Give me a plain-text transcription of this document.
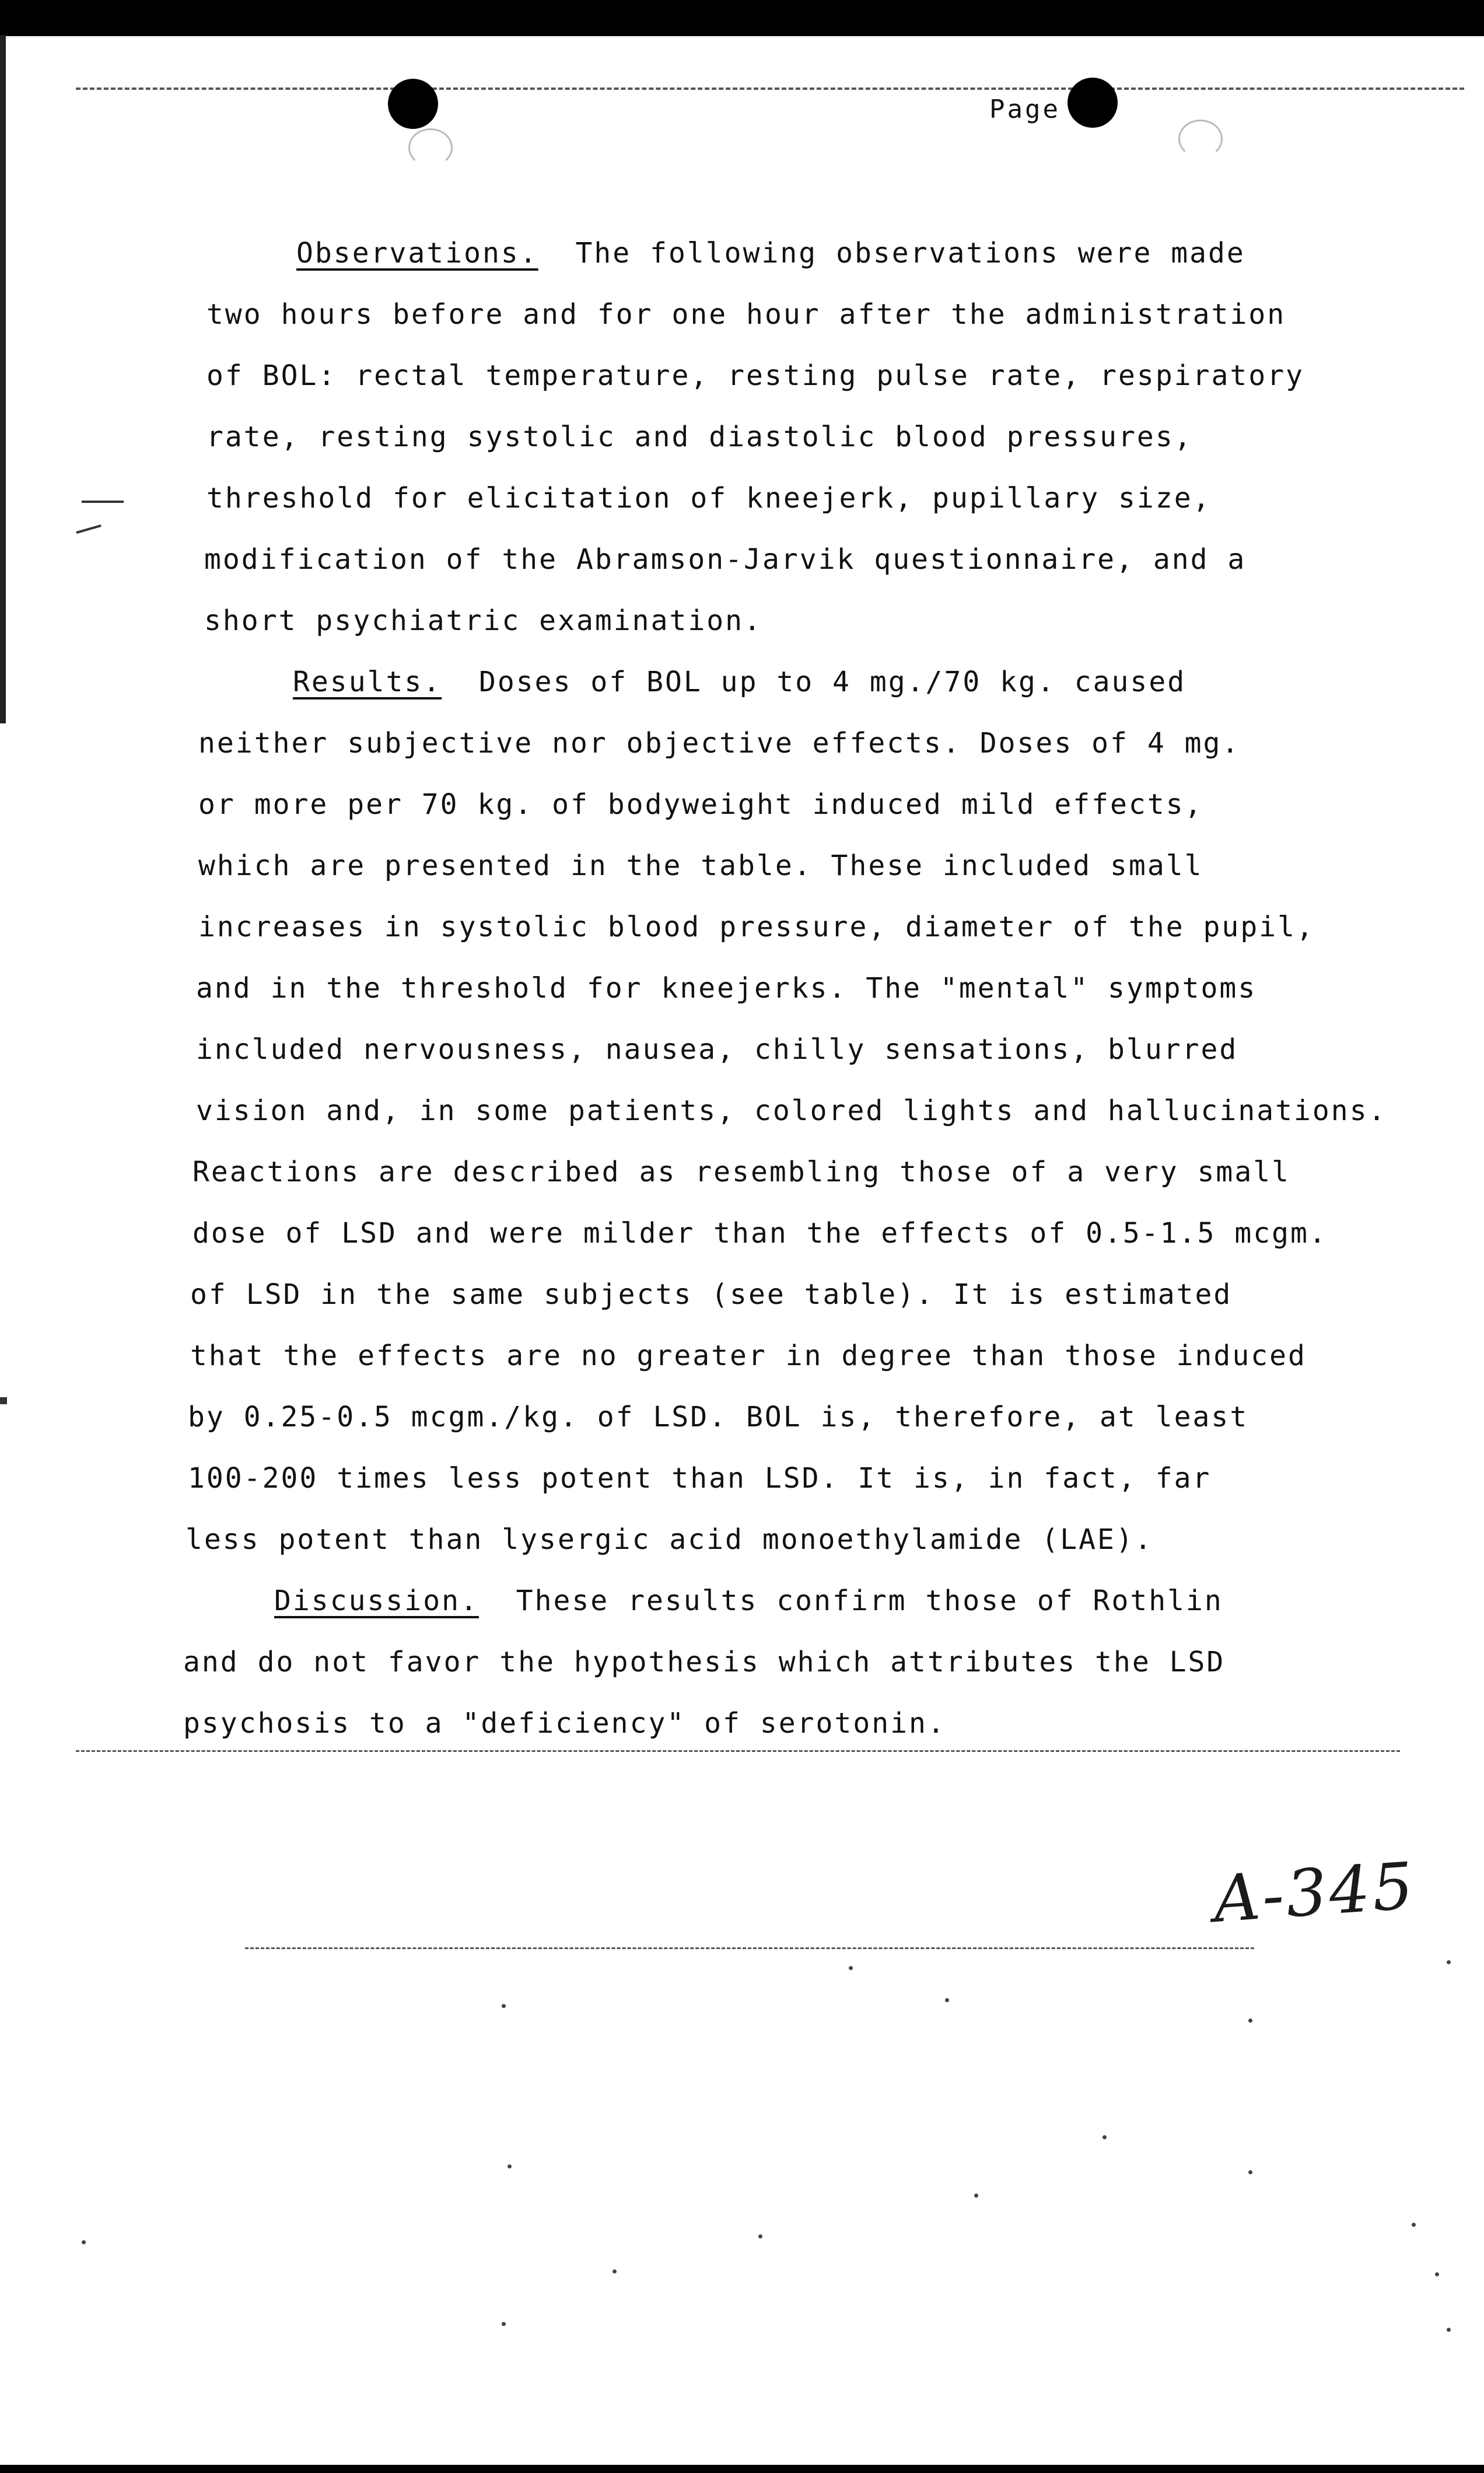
Page
Observations. The following observations were made
two hours before and for one hour after the administration
of BOL: rectal temperature, resting pulse rate, respiratory
rate, resting systolic and diastolic blood pressures,
threshold for elicitation of kneejerk, pupillary size,
modification of the Abramson-Jarvik questionnaire, and a
short psychiatric examination.
Results. Doses of BOL up to 4 mg./70 kg. caused
neither subjective nor objective effects. Doses of 4 mg.
or more per 70 kg. of bodyweight induced mild effects,
which are presented in the table. These included small
increases in systolic blood pressure, diameter of the pupil,
and in the threshold for kneejerks. The "mental" symptoms
included nervousness, nausea, chilly sensations, blurred
vision and, in some patients, colored lights and hallucinations.
Reactions are described as resembling those of a very small
dose of LSD and were milder than the effects of 0.5-1.5 mcgm.
of LSD in the same subjects (see table). It is estimated
that the effects are no greater in degree than those induced
by 0.25-0.5 mcgm./kg. of LSD. BOL is, therefore, at least
100-200 times less potent than LSD. It is, in fact, far
less potent than lysergic acid monoethylamide (LAE).
Discussion. These results confirm those of Rothlin
and do not favor the hypothesis which attributes the LSD
psychosis to a "deficiency" of serotonin.
A-345
